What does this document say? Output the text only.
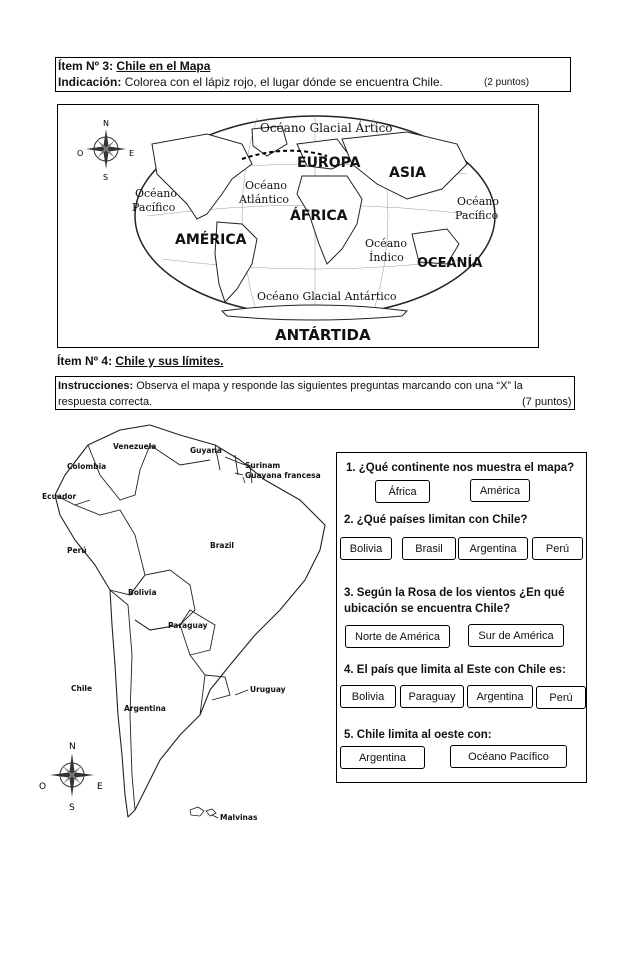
Ítem Nº 3: Chile en el Mapa
Indicación: Colorea con el lápiz rojo, el lugar dónde se encuentra Chile.	(2 puntos)
N
S
E
O
Océano Glacial Ártico
Océano
Pacífico
Océano
Atlántico	Océano
Pacífico
Océano
Índico
Océano Glacial Antártico
EUROPA
ASIA
ÁFRICA
AMÉRICA
OCEANÍA
ANTÁRTIDA
Ítem Nº 4: Chile y sus límites.
Instrucciones: Observa el mapa y responde las siguientes preguntas marcando con una “X” la
respuesta correcta.	(7 puntos)
N
S
E
O
Venezuela	Guyana
Surinam
Guayana francesa
Colombia
Ecuador
Perú
Brazil
Bolivia
Paraguay
Chile	Uruguay
Argentina
Malvinas
1. ¿Qué continente nos muestra el mapa?
África	América
2. ¿Qué países limitan con Chile?
Bolivia	Brasil	Argentina	Perú
3. Según la Rosa de los vientos ¿En qué
ubicación se encuentra Chile?
Norte de América	Sur de América
4. El país que limita al Este con Chile es:
Bolivia	Paraguay	Argentina	Perú
5. Chile limita al oeste con:
Argentina	Océano Pacífico
